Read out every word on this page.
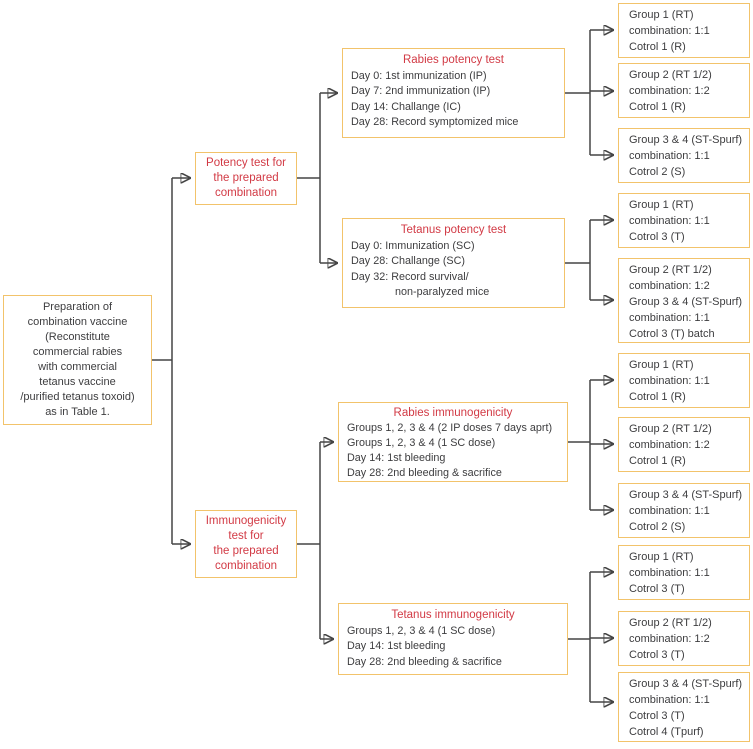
Preparation of
combination vaccine
(Reconstitute
commercial rabies
with commercial
tetanus vaccine
/purified tetanus toxoid)
as in Table 1.
Potency test for
the prepared
combination
Immunogenicity
test for
the prepared
combination
Rabies potency test
Day 0: 1st immunization (IP)
Day 7: 2nd immunization (IP)
Day 14: Challange (IC)
Day 28: Record symptomized mice
Tetanus potency test
Day 0: Immunization (SC)
Day 28: Challange (SC)
Day 32: Record survival/
non-paralyzed mice
Rabies immunogenicity
Groups 1, 2, 3 & 4 (2 IP doses 7 days aprt)
Groups 1, 2, 3 & 4 (1 SC dose)
Day 14: 1st bleeding
Day 28: 2nd bleeding & sacrifice
Tetanus immunogenicity
Groups 1, 2, 3 & 4 (1 SC dose)
Day 14: 1st bleeding
Day 28: 2nd bleeding & sacrifice
Group 1 (RT)
combination: 1:1
Cotrol 1 (R)
Group 2 (RT 1/2)
combination: 1:2
Cotrol 1 (R)
Group 3 & 4 (ST-Spurf)
combination: 1:1
Cotrol 2 (S)
Group 1 (RT)
combination: 1:1
Cotrol 3 (T)
Group 2 (RT 1/2)
combination: 1:2
Group 3 & 4 (ST-Spurf)
combination: 1:1
Cotrol 3 (T) batch
Group 1 (RT)
combination: 1:1
Cotrol 1 (R)
Group 2 (RT 1/2)
combination: 1:2
Cotrol 1 (R)
Group 3 & 4 (ST-Spurf)
combination: 1:1
Cotrol 2 (S)
Group 1 (RT)
combination: 1:1
Cotrol 3 (T)
Group 2 (RT 1/2)
combination: 1:2
Cotrol 3 (T)
Group 3 & 4 (ST-Spurf)
combination: 1:1
Cotrol 3 (T)
Cotrol 4 (Tpurf)
